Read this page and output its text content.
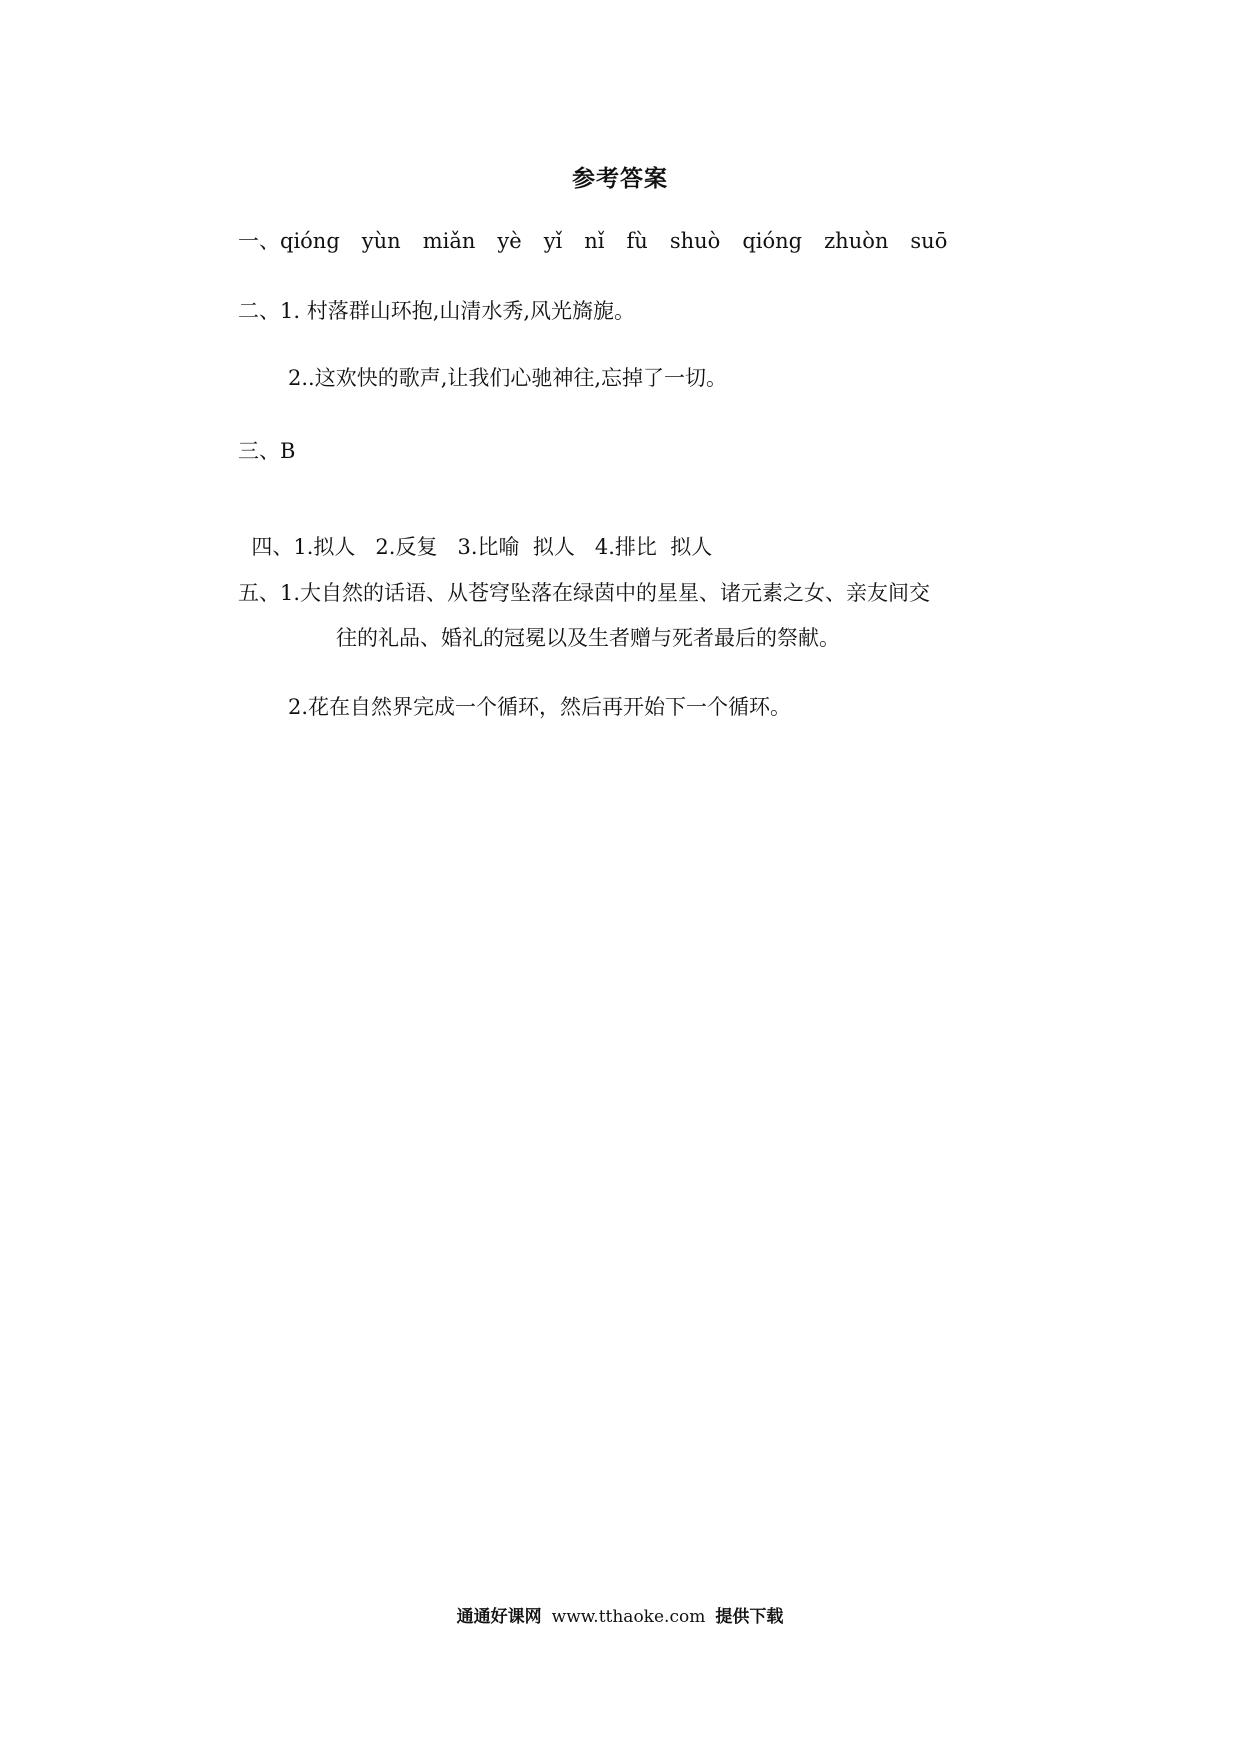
参考答案
一、qióng yùn miǎn yè yǐ nǐ fù shuò qióng zhuòn suō
二、1. 村落群山环抱,山清水秀,风光旖旎。
2..这欢快的歌声,让我们心驰神往,忘掉了一切。
三、B

四、1.拟人   2.反复   3.比喻  拟人   4.排比  拟人

五、1.大自然的话语、从苍穹坠落在绿茵中的星星、诸元素之女、亲友间交
往的礼品、婚礼的冠冕以及生者赠与死者最后的祭献。
2.花在自然界完成一个循环，然后再开始下一个循环。
通通好课网 www.tthaoke.com 提供下载
